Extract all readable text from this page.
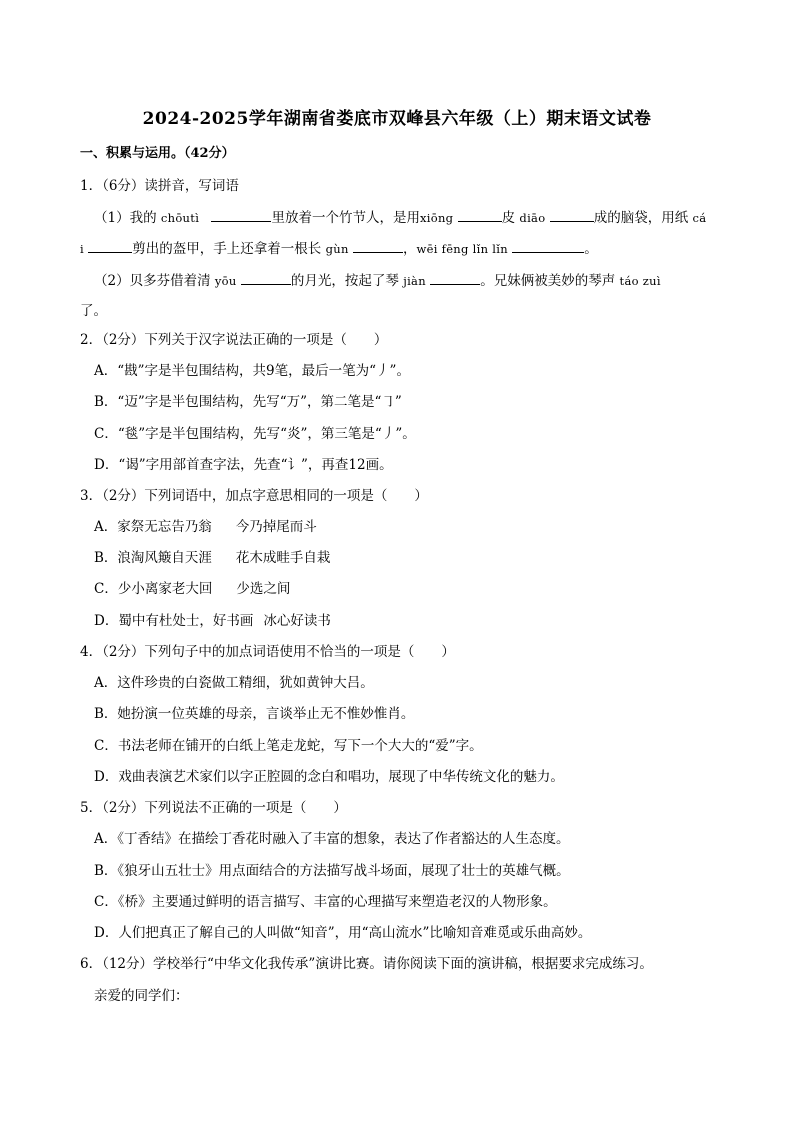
2024-2025学年湖南省娄底市双峰县六年级（上）期末语文试卷
一、积累与运用。（42分）
1．（6分）读拼音，写词语
（1）我的 chōutì	里放着一个竹节人，是用xiōng	皮 diāo	成的脑袋，用纸 cá
i	剪出的盔甲，手上还拿着一根长 gùn	，wēi fēng lǐn lǐn	。
（2）贝多芬借着清 yōu	的月光，按起了琴 jiàn	。兄妹俩被美妙的琴声 táo zuì
了。
2．（2分）下列关于汉字说法正确的一项是（　　）
A．“戡”字是半包围结构，共9笔，最后一笔为“丿”。
B．“迈”字是半包围结构，先写“万”，第二笔是“㇆”
C．“毯”字是半包围结构，先写“炎”，第三笔是“丿”。
D．“谒”字用部首查字法，先查“讠”，再查12画。
3．（2分）下列词语中，加点字意思相同的一项是（　　）
A．家祭无忘告乃翁 今乃掉尾而斗
B．浪淘风簸自天涯 花木成畦手自栽
C．少小离家老大回 少选之间
D．蜀中有杜处士，好书画 冰心好读书
4．（2分）下列句子中的加点词语使用不恰当的一项是（　　）
A．这件珍贵的白瓷做工精细，犹如黄钟大吕。
B．她扮演一位英雄的母亲，言谈举止无不惟妙惟肖。
C．书法老师在铺开的白纸上笔走龙蛇，写下一个大大的“爱”字。
D．戏曲表演艺术家们以字正腔圆的念白和唱功，展现了中华传统文化的魅力。
5．（2分）下列说法不正确的一项是（　　）
A．《丁香结》在描绘丁香花时融入了丰富的想象，表达了作者豁达的人生态度。
B．《狼牙山五壮士》用点面结合的方法描写战斗场面，展现了壮士的英雄气概。
C．《桥》主要通过鲜明的语言描写、丰富的心理描写来塑造老汉的人物形象。
D．人们把真正了解自己的人叫做“知音”，用“高山流水”比喻知音难觅或乐曲高妙。
6．（12分）学校举行“中华文化我传承”演讲比赛。请你阅读下面的演讲稿，根据要求完成练习。
亲爱的同学们：
